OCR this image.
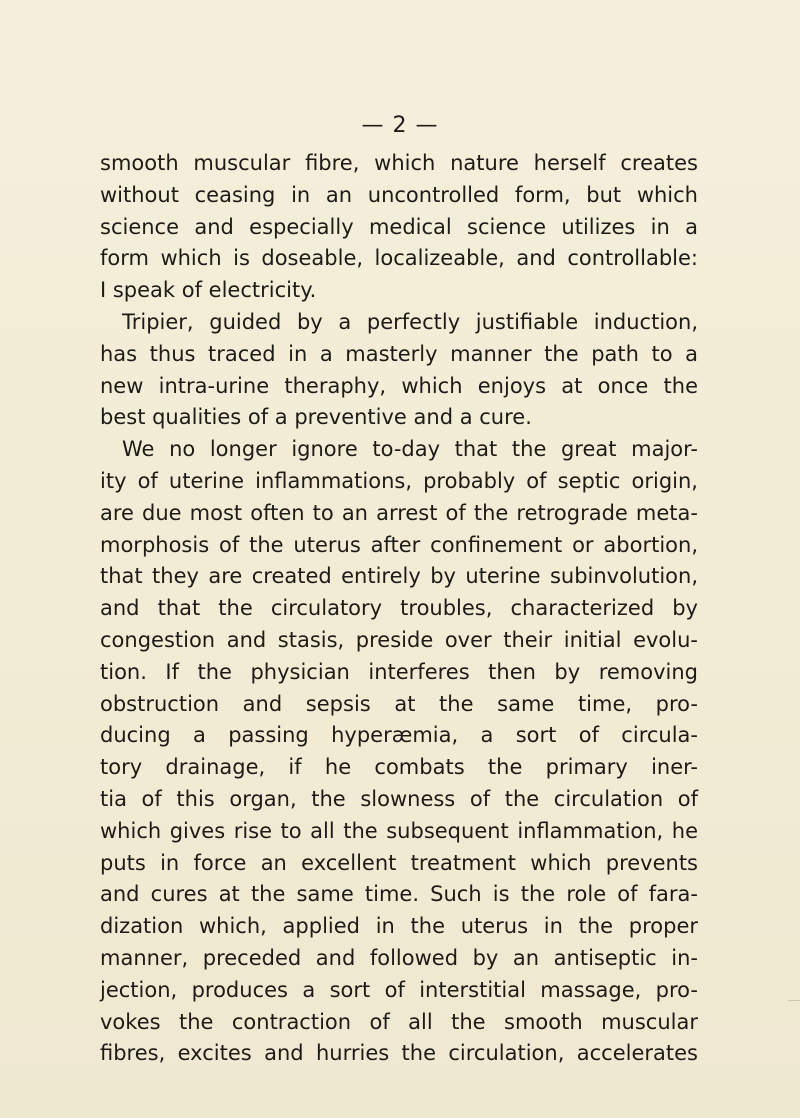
— 2 —
smooth muscular fibre, which nature herself creates
without ceasing in an uncontrolled form, but which
science and especially medical science utilizes in a
form which is doseable, localizeable, and controllable:
I speak of electricity.
Tripier, guided by a perfectly justifiable induction,
has thus traced in a masterly manner the path to a
new intra-urine theraphy, which enjoys at once the
best qualities of a preventive and a cure.
We no longer ignore to-day that the great major-
ity of uterine inflammations, probably of septic origin,
are due most often to an arrest of the retrograde meta-
morphosis of the uterus after confinement or abortion,
that they are created entirely by uterine subinvolution,
and that the circulatory troubles, characterized by
congestion and stasis, preside over their initial evolu-
tion. If the physician interferes then by removing
obstruction and sepsis at the same time, pro-
ducing a passing hyperæmia, a sort of circula-
tory drainage, if he combats the primary iner-
tia of this organ, the slowness of the circulation of
which gives rise to all the subsequent inflammation, he
puts in force an excellent treatment which prevents
and cures at the same time. Such is the role of fara-
dization which, applied in the uterus in the proper
manner, preceded and followed by an antiseptic in-
jection, produces a sort of interstitial massage, pro-
vokes the contraction of all the smooth muscular
fibres, excites and hurries the circulation, accelerates
